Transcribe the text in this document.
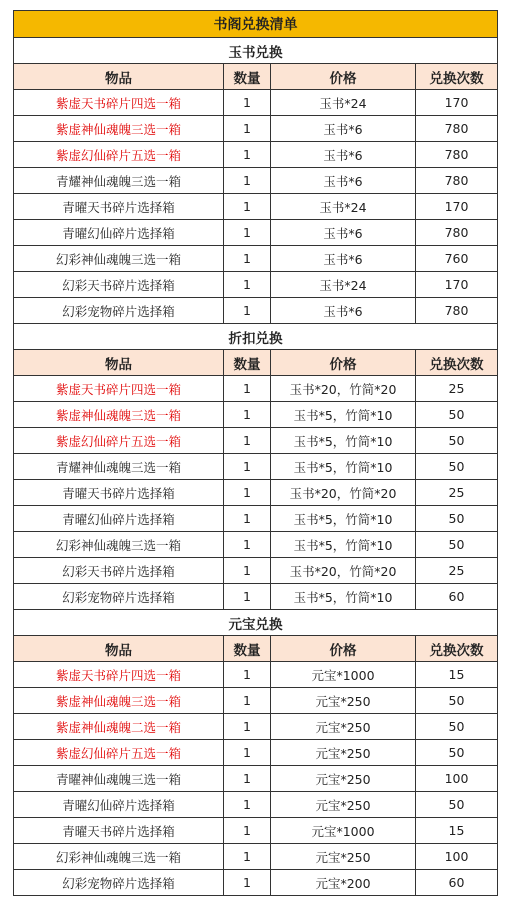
书阁兑换清单			
玉书兑换			
物品	数量	价格	兑换次数
紫虚天书碎片四选一箱	1	玉书*24	170
紫虚神仙魂魄三选一箱	1	玉书*6	780
紫虚幻仙碎片五选一箱	1	玉书*6	780
青耀神仙魂魄三选一箱	1	玉书*6	780
青曜天书碎片选择箱	1	玉书*24	170
青曜幻仙碎片选择箱	1	玉书*6	780
幻彩神仙魂魄三选一箱	1	玉书*6	760
幻彩天书碎片选择箱	1	玉书*24	170
幻彩宠物碎片选择箱	1	玉书*6	780
折扣兑换			
物品	数量	价格	兑换次数
紫虚天书碎片四选一箱	1	玉书*20，竹简*20	25
紫虚神仙魂魄三选一箱	1	玉书*5，竹简*10	50
紫虚幻仙碎片五选一箱	1	玉书*5，竹简*10	50
青耀神仙魂魄三选一箱	1	玉书*5，竹简*10	50
青曜天书碎片选择箱	1	玉书*20，竹简*20	25
青曜幻仙碎片选择箱	1	玉书*5，竹简*10	50
幻彩神仙魂魄三选一箱	1	玉书*5，竹简*10	50
幻彩天书碎片选择箱	1	玉书*20，竹简*20	25
幻彩宠物碎片选择箱	1	玉书*5，竹简*10	60
元宝兑换			
物品	数量	价格	兑换次数
紫虚天书碎片四选一箱	1	元宝*1000	15
紫虚神仙魂魄三选一箱	1	元宝*250	50
紫虚神仙魂魄二选一箱	1	元宝*250	50
紫虚幻仙碎片五选一箱	1	元宝*250	50
青曜神仙魂魄三选一箱	1	元宝*250	100
青曜幻仙碎片选择箱	1	元宝*250	50
青曜天书碎片选择箱	1	元宝*1000	15
幻彩神仙魂魄三选一箱	1	元宝*250	100
幻彩宠物碎片选择箱	1	元宝*200	60
